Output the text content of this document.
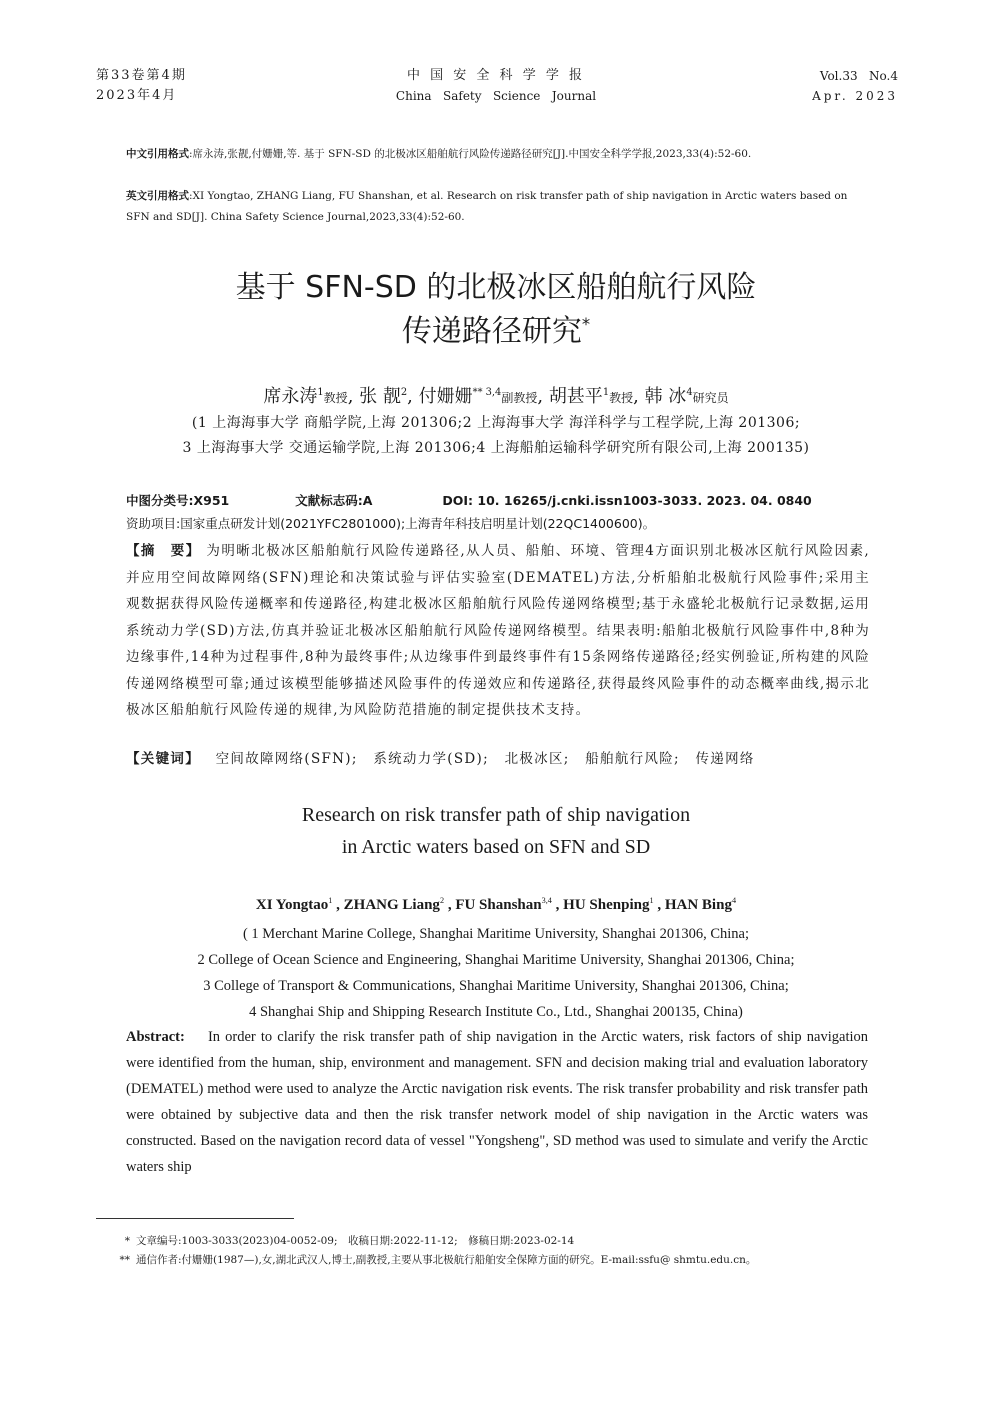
第33卷第4期
2023年4月
中 国 安 全 科 学 学 报
China   Safety   Science   Journal
Vol.33   No.4
Apr. 2023
中文引用格式:席永涛,张靓,付姗姗,等. 基于 SFN-SD 的北极冰区船舶航行风险传递路径研究[J].中国安全科学学报,2023,33(4):52-60.
英文引用格式:XI Yongtao, ZHANG Liang, FU Shanshan, et al. Research on risk transfer path of ship navigation in Arctic waters based on SFN and SD[J]. China Safety Science Journal,2023,33(4):52-60.
基于 SFN-SD 的北极冰区船舶航行风险
传递路径研究*
席永涛$^1$教授, 张 靓$^2$, 付姗姗$^{** 3,4}$副教授, 胡甚平$^1$教授, 韩 冰$^4$研究员
(1 上海海事大学 商船学院,上海 201306;2 上海海事大学 海洋科学与工程学院,上海 201306;
3 上海海事大学 交通运输学院,上海 201306;4 上海船舶运输科学研究所有限公司,上海 200135)
中图分类号:X951	文献标志码:A	DOI: 10. 16265/j.cnki.issn1003-3033. 2023. 04. 0840
资助项目:国家重点研发计划(2021YFC2801000);上海青年科技启明星计划(22QC1400600)。
【摘　要】 为明晰北极冰区船舶航行风险传递路径,从人员、船舶、环境、管理4方面识别北极冰区航行风险因素,并应用空间故障网络(SFN)理论和决策试验与评估实验室(DEMATEL)方法,分析船舶北极航行风险事件;采用主观数据获得风险传递概率和传递路径,构建北极冰区船舶航行风险传递网络模型;基于永盛轮北极航行记录数据,运用系统动力学(SD)方法,仿真并验证北极冰区船舶航行风险传递网络模型。结果表明:船舶北极航行风险事件中,8种为边缘事件,14种为过程事件,8种为最终事件;从边缘事件到最终事件有15条网络传递路径;经实例验证,所构建的风险传递网络模型可靠;通过该模型能够描述风险事件的传递效应和传递路径,获得最终风险事件的动态概率曲线,揭示北极冰区船舶航行风险传递的规律,为风险防范措施的制定提供技术支持。
【关键词】 空间故障网络(SFN); 系统动力学(SD); 北极冰区; 船舶航行风险; 传递网络
Research on risk transfer path of ship navigation
in Arctic waters based on SFN and SD
XI Yongtao$^1$ , ZHANG Liang$^2$ , FU Shanshan$^{3,4}$ , HU Shenping$^1$ , HAN Bing$^4$
( 1 Merchant Marine College, Shanghai Maritime University, Shanghai 201306, China;
2 College of Ocean Science and Engineering, Shanghai Maritime University, Shanghai 201306, China;
3 College of Transport & Communications, Shanghai Maritime University, Shanghai 201306, China;
4 Shanghai Ship and Shipping Research Institute Co., Ltd., Shanghai 200135, China)
Abstract: In order to clarify the risk transfer path of ship navigation in the Arctic waters, risk factors of ship navigation were identified from the human, ship, environment and management. SFN and decision making trial and evaluation laboratory (DEMATEL) method were used to analyze the Arctic navigation risk events. The risk transfer probability and risk transfer path were obtained by subjective data and then the risk transfer network model of ship navigation in the Arctic waters was constructed. Based on the navigation record data of vessel "Yongsheng", SD method was used to simulate and verify the Arctic waters ship
* 文章编号:1003-3033(2023)04-0052-09;　收稿日期:2022-11-12;　修稿日期:2023-02-14
** 通信作者:付姗姗(1987—),女,湖北武汉人,博士,副教授,主要从事北极航行船舶安全保障方面的研究。E-mail:ssfu@ shmtu.edu.cn。
